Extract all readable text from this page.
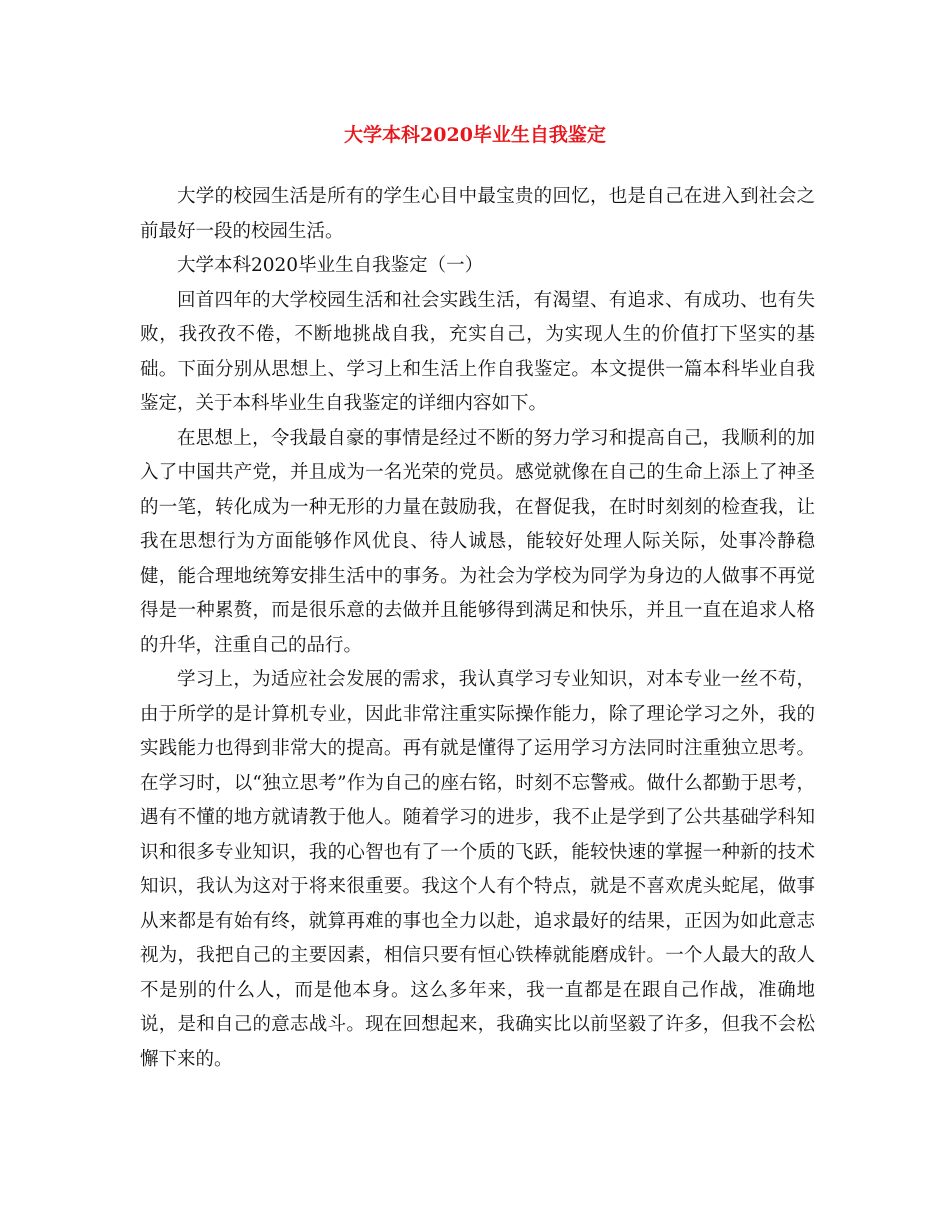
大学本科2020毕业生自我鉴定

大学的校园生活是所有的学生心目中最宝贵的回忆，也是自己在进入到社会之前最好一段的校园生活。

大学本科2020毕业生自我鉴定（一）

回首四年的大学校园生活和社会实践生活，有渴望、有追求、有成功、也有失败，我孜孜不倦，不断地挑战自我，充实自己，为实现人生的价值打下坚实的基础。下面分别从思想上、学习上和生活上作自我鉴定。本文提供一篇本科毕业自我鉴定，关于本科毕业生自我鉴定的详细内容如下。

在思想上，令我最自豪的事情是经过不断的努力学习和提高自己，我顺利的加入了中国共产党，并且成为一名光荣的党员。感觉就像在自己的生命上添上了神圣的一笔，转化成为一种无形的力量在鼓励我，在督促我，在时时刻刻的检查我，让我在思想行为方面能够作风优良、待人诚恳，能较好处理人际关际，处事冷静稳健，能合理地统筹安排生活中的事务。为社会为学校为同学为身边的人做事不再觉得是一种累赘，而是很乐意的去做并且能够得到满足和快乐，并且一直在追求人格的升华，注重自己的品行。

学习上，为适应社会发展的需求，我认真学习专业知识，对本专业一丝不苟，由于所学的是计算机专业，因此非常注重实际操作能力，除了理论学习之外，我的实践能力也得到非常大的提高。再有就是懂得了运用学习方法同时注重独立思考。在学习时，以“独立思考”作为自己的座右铭，时刻不忘警戒。做什么都勤于思考，遇有不懂的地方就请教于他人。随着学习的进步，我不止是学到了公共基础学科知识和很多专业知识，我的心智也有了一个质的飞跃，能较快速的掌握一种新的技术知识，我认为这对于将来很重要。我这个人有个特点，就是不喜欢虎头蛇尾，做事从来都是有始有终，就算再难的事也全力以赴，追求最好的结果，正因为如此意志视为，我把自己的主要因素，相信只要有恒心铁棒就能磨成针。一个人最大的敌人不是别的什么人，而是他本身。这么多年来，我一直都是在跟自己作战，准确地说，是和自己的意志战斗。现在回想起来，我确实比以前坚毅了许多，但我不会松懈下来的。
